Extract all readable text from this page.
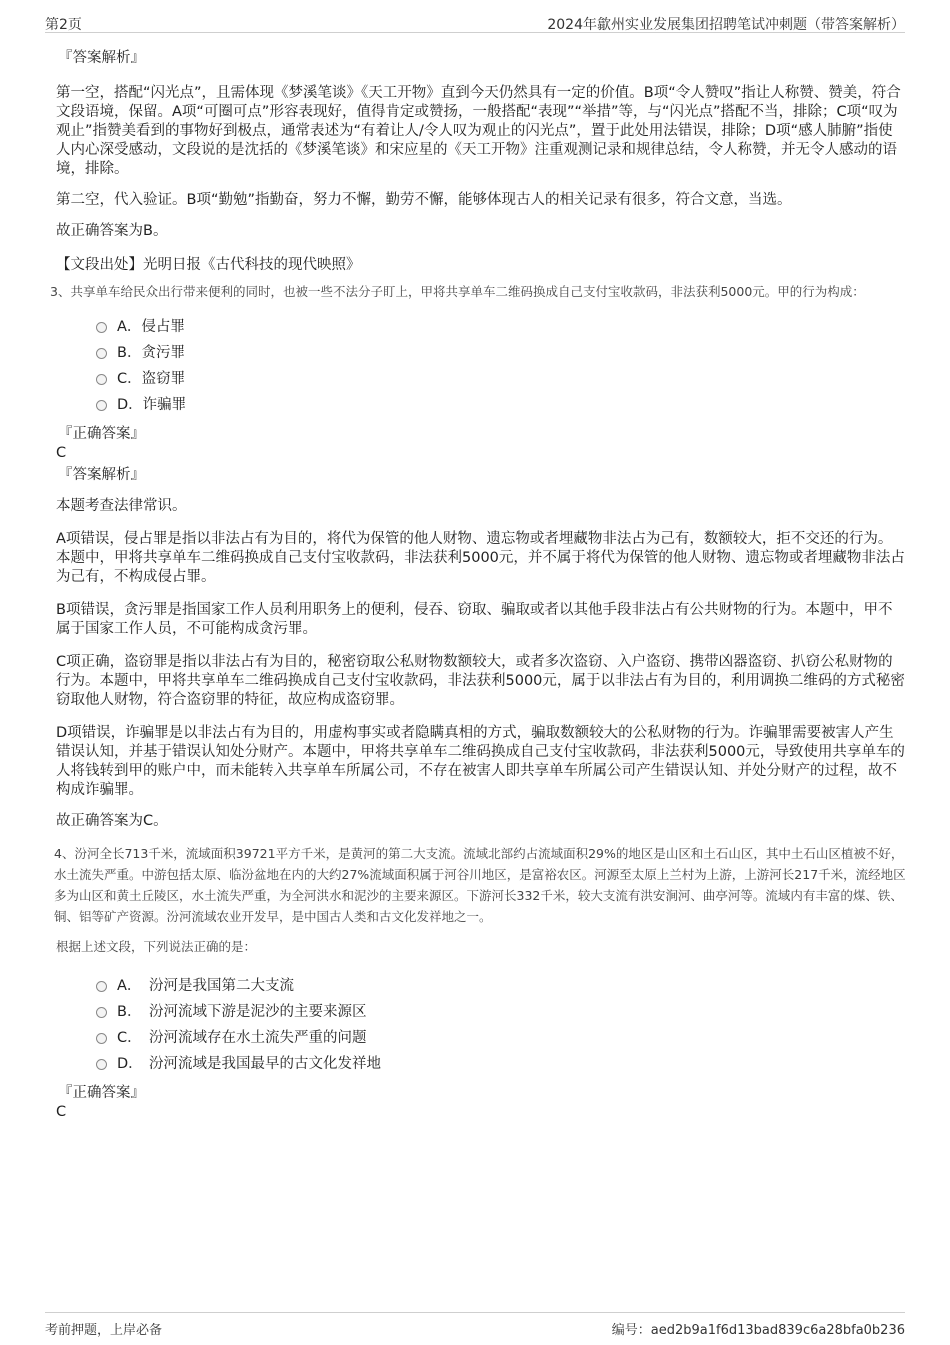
第2页	2024年歙州实业发展集团招聘笔试冲刺题（带答案解析）
『答案解析』

第一空，搭配“闪光点”，且需体现《梦溪笔谈》《天工开物》直到今天仍然具有一定的价值。B项“令人赞叹”指让人称赞、赞美，符合文段语境，保留。A项“可圈可点”形容表现好，值得肯定或赞扬，一般搭配“表现”“举措”等，与“闪光点”搭配不当，排除；C项“叹为观止”指赞美看到的事物好到极点，通常表述为“有着让人/令人叹为观止的闪光点”，置于此处用法错误，排除；D项“感人肺腑”指使人内心深受感动，文段说的是沈括的《梦溪笔谈》和宋应星的《天工开物》注重观测记录和规律总结，令人称赞，并无令人感动的语境，排除。

第二空，代入验证。B项“勤勉”指勤奋，努力不懈，勤劳不懈，能够体现古人的相关记录有很多，符合文意，当选。

故正确答案为B。

【文段出处】光明日报《古代科技的现代映照》

3、共享单车给民众出行带来便利的同时，也被一些不法分子盯上，甲将共享单车二维码换成自己支付宝收款码，非法获利5000元。甲的行为构成：

A． 侵占罪
B． 贪污罪
C． 盗窃罪
D． 诈骗罪
『正确答案』
C
『答案解析』

本题考查法律常识。

A项错误，侵占罪是指以非法占有为目的，将代为保管的他人财物、遗忘物或者埋藏物非法占为己有，数额较大，拒不交还的行为。本题中，甲将共享单车二维码换成自己支付宝收款码，非法获利5000元，并不属于将代为保管的他人财物、遗忘物或者埋藏物非法占为己有，不构成侵占罪。

B项错误，贪污罪是指国家工作人员利用职务上的便利，侵吞、窃取、骗取或者以其他手段非法占有公共财物的行为。本题中，甲不属于国家工作人员，不可能构成贪污罪。

C项正确，盗窃罪是指以非法占有为目的，秘密窃取公私财物数额较大，或者多次盗窃、入户盗窃、携带凶器盗窃、扒窃公私财物的行为。本题中，甲将共享单车二维码换成自己支付宝收款码，非法获利5000元，属于以非法占有为目的，利用调换二维码的方式秘密窃取他人财物，符合盗窃罪的特征，故应构成盗窃罪。

D项错误，诈骗罪是以非法占有为目的，用虚构事实或者隐瞒真相的方式，骗取数额较大的公私财物的行为。诈骗罪需要被害人产生错误认知，并基于错误认知处分财产。本题中，甲将共享单车二维码换成自己支付宝收款码，非法获利5000元，导致使用共享单车的人将钱转到甲的账户中，而未能转入共享单车所属公司，不存在被害人即共享单车所属公司产生错误认知、并处分财产的过程，故不构成诈骗罪。

故正确答案为C。

4、汾河全长713千米，流域面积39721平方千米，是黄河的第二大支流。流域北部约占流域面积29%的地区是山区和土石山区，其中土石山区植被不好，水土流失严重。中游包括太原、临汾盆地在内的大约27%流域面积属于河谷川地区，是富裕农区。河源至太原上兰村为上游，上游河长217千米，流经地区多为山区和黄土丘陵区，水土流失严重，为全河洪水和泥沙的主要来源区。下游河长332千米，较大支流有洪安涧河、曲亭河等。流域内有丰富的煤、铁、铜、铝等矿产资源。汾河流域农业开发早，是中国古人类和古文化发祥地之一。

根据上述文段，下列说法正确的是：

A． 汾河是我国第二大支流
B． 汾河流域下游是泥沙的主要来源区
C． 汾河流域存在水土流失严重的问题
D． 汾河流域是我国最早的古文化发祥地
『正确答案』
C
考前押题，上岸必备	编号：aed2b9a1f6d13bad839c6a28bfa0b236
